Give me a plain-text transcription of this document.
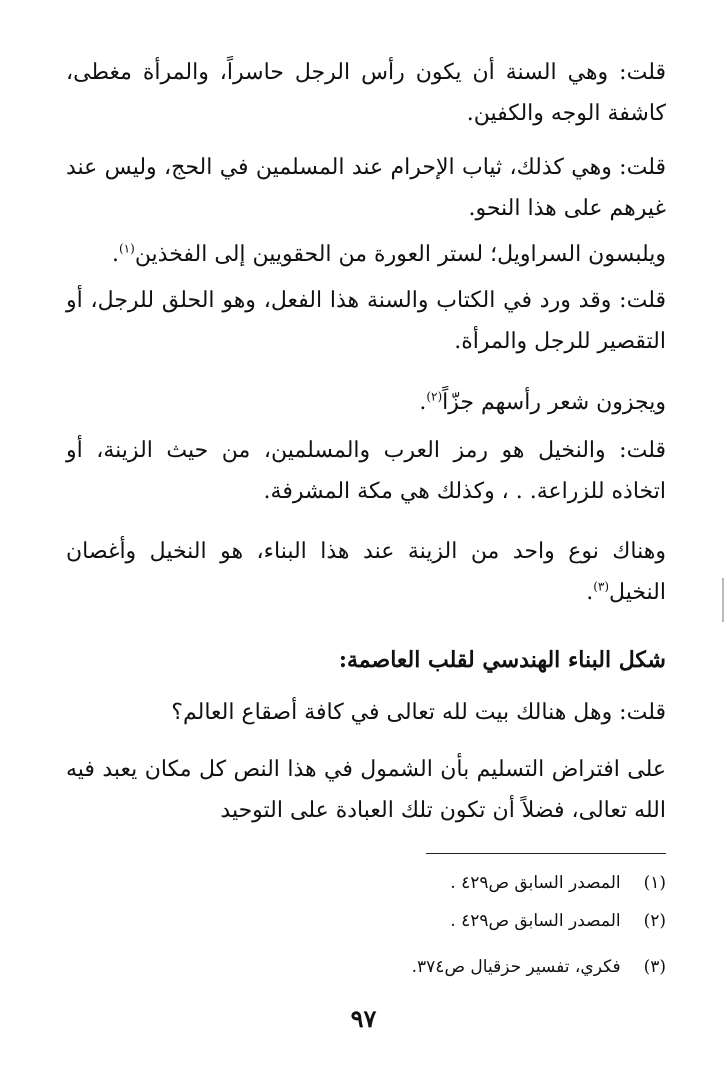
قلت: وهي السنة أن يكون رأس الرجل حاسراً، والمرأة مغطى، كاشفة الوجه والكفين.

قلت: وهي كذلك، ثياب الإحرام عند المسلمين في الحج، وليس عند غيرهم على هذا النحو.

ويلبسون السراويل؛ لستر العورة من الحقويين إلى الفخذين$^{(١)}$.

قلت: وقد ورد في الكتاب والسنة هذا الفعل، وهو الحلق للرجل، أو التقصير للرجل والمرأة.

ويجزون شعر رأسهم جزّاً$^{(٢)}$.

قلت: والنخيل هو رمز العرب والمسلمين، من حيث الزينة، أو اتخاذه للزراعة. . ، وكذلك هي مكة المشرفة.

وهناك نوع واحد من الزينة عند هذا البناء، هو النخيل وأغصان النخيل$^{(٣)}$.

شكل البناء الهندسي لقلب العاصمة:

قلت: وهل هنالك بيت لله تعالى في كافة أصقاع العالم؟

على افتراض التسليم بأن الشمول في هذا النص كل مكان يعبد فيه الله تعالى، فضلاً أن تكون تلك العبادة على التوحيد

(١) المصدر السابق ص٤٢٩ .

(٢) المصدر السابق ص٤٢٩ .

(٣) فكري، تفسير حزقيال ص٣٧٤.

٩٧
